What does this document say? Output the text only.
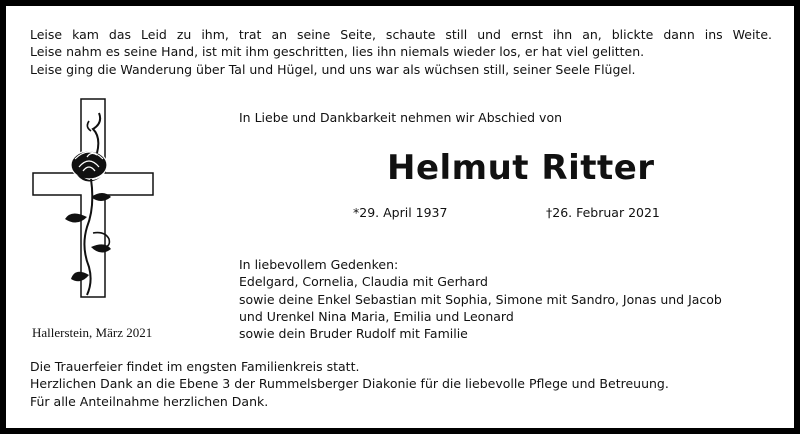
Leise kam das Leid zu ihm, trat an seine Seite, schaute still und ernst ihn an, blickte dann ins Weite.
Leise nahm es seine Hand, ist mit ihm geschritten, lies ihn niemals wieder los, er hat viel gelitten.
Leise ging die Wanderung über Tal und Hügel, und uns war als wüchsen still, seiner Seele Flügel.
Hallerstein, März 2021
In Liebe und Dankbarkeit nehmen wir Abschied von
Helmut Ritter
*29. April 1937	†26. Februar 2021
In liebevollem Gedenken:
Edelgard, Cornelia, Claudia mit Gerhard
sowie deine Enkel Sebastian mit Sophia, Simone mit Sandro, Jonas und Jacob
und Urenkel Nina Maria, Emilia und Leonard
sowie dein Bruder Rudolf mit Familie
Die Trauerfeier findet im engsten Familienkreis statt.
Herzlichen Dank an die Ebene 3 der Rummelsberger Diakonie für die liebevolle Pflege und Betreuung.
Für alle Anteilnahme herzlichen Dank.
